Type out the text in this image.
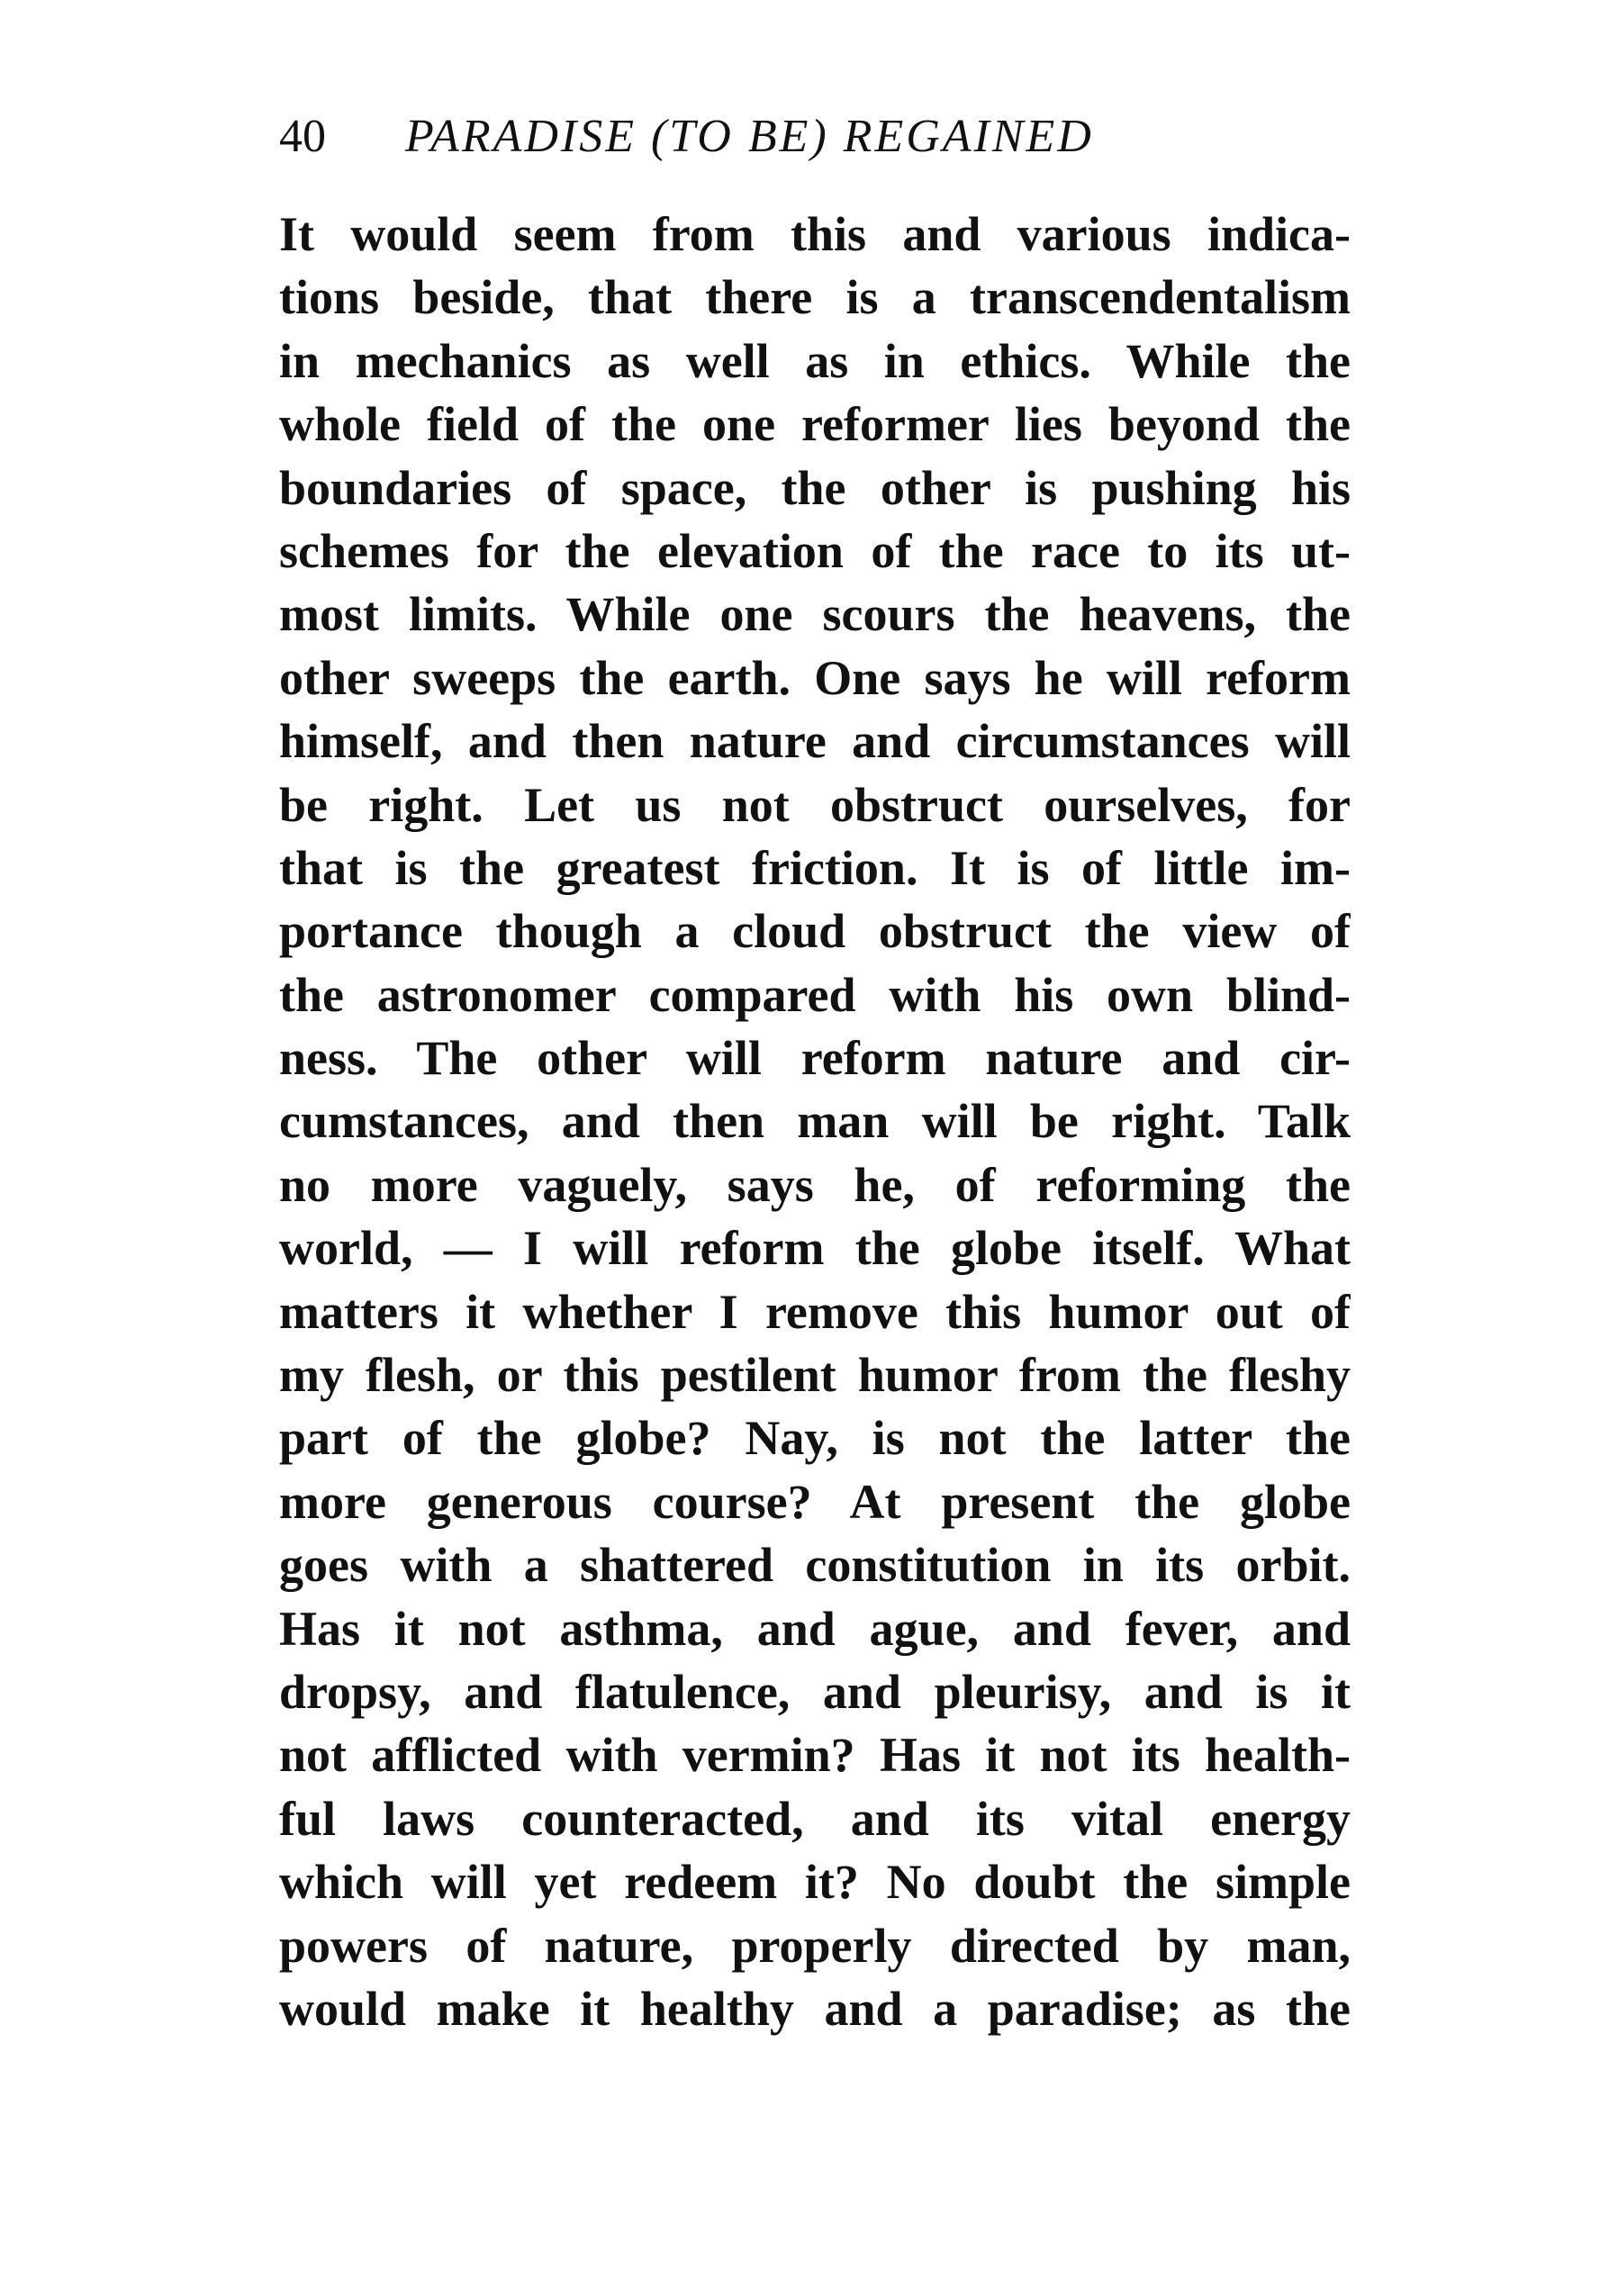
40 PARADISE (TO BE) REGAINED
It would seem from this and various indica-
tions beside, that there is a transcendentalism
in mechanics as well as in ethics. While the
whole field of the one reformer lies beyond the
boundaries of space, the other is pushing his
schemes for the elevation of the race to its ut-
most limits. While one scours the heavens, the
other sweeps the earth. One says he will reform
himself, and then nature and circumstances will
be right. Let us not obstruct ourselves, for
that is the greatest friction. It is of little im-
portance though a cloud obstruct the view of
the astronomer compared with his own blind-
ness. The other will reform nature and cir-
cumstances, and then man will be right. Talk
no more vaguely, says he, of reforming the
world, — I will reform the globe itself. What
matters it whether I remove this humor out of
my flesh, or this pestilent humor from the fleshy
part of the globe? Nay, is not the latter the
more generous course? At present the globe
goes with a shattered constitution in its orbit.
Has it not asthma, and ague, and fever, and
dropsy, and flatulence, and pleurisy, and is it
not afflicted with vermin? Has it not its health-
ful laws counteracted, and its vital energy
which will yet redeem it? No doubt the simple
powers of nature, properly directed by man,
would make it healthy and a paradise; as the
